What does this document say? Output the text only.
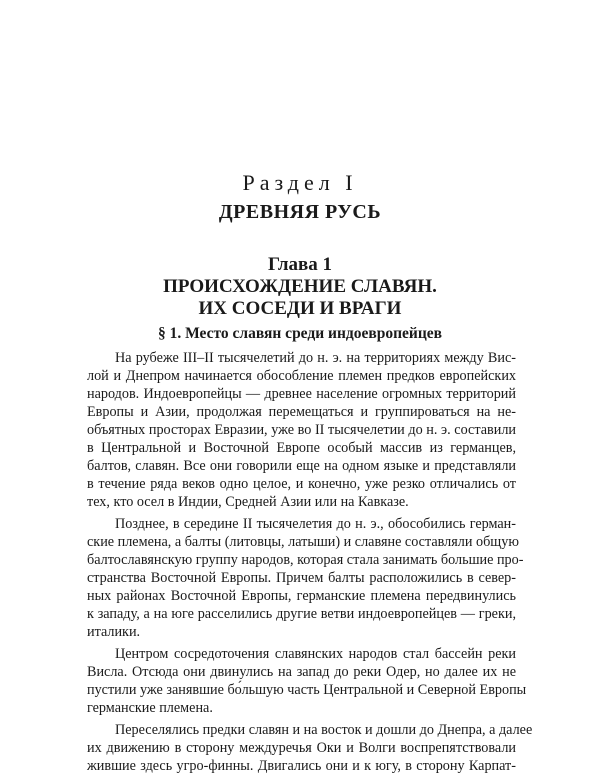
Раздел I
ДРЕВНЯЯ РУСЬ
Глава 1
ПРОИСХОЖДЕНИЕ СЛАВЯН.
ИХ СОСЕДИ И ВРАГИ
§ 1. Место славян среди индоевропейцев

На рубеже III–II тысячелетий до н. э. на территориях между Вис-
лой и Днепром начинается обособление племен предков европейских
народов. Индоевропейцы — древнее население огромных территорий
Европы и Азии, продолжая перемещаться и группироваться на не-
объятных просторах Евразии, уже во II тысячелетии до н. э. составили
в Центральной и Восточной Европе особый массив из германцев,
балтов, славян. Все они говорили еще на одном языке и представляли
в течение ряда веков одно целое, и конечно, уже резко отличались от
тех, кто осел в Индии, Средней Азии или на Кавказе.

Позднее, в середине II тысячелетия до н. э., обособились герман-
ские племена, а балты (литовцы, латыши) и славяне составляли общую
балтославянскую группу народов, которая стала занимать большие про-
странства Восточной Европы. Причем балты расположились в север-
ных районах Восточной Европы, германские племена передвинулись
к западу, а на юге расселились другие ветви индоевропейцев — греки,
италики.

Центром сосредоточения славянских народов стал бассейн реки
Висла. Отсюда они двинулись на запад до реки Одер, но далее их не
пустили уже занявшие бо́льшую часть Центральной и Северной Европы
германские племена.

Переселялись предки славян и на восток и дошли до Днепра, а далее
их движению в сторону междуречья Оки и Волги воспрепятствовали
жившие здесь угро-финны. Двигались они и к югу, в сторону Карпат-
